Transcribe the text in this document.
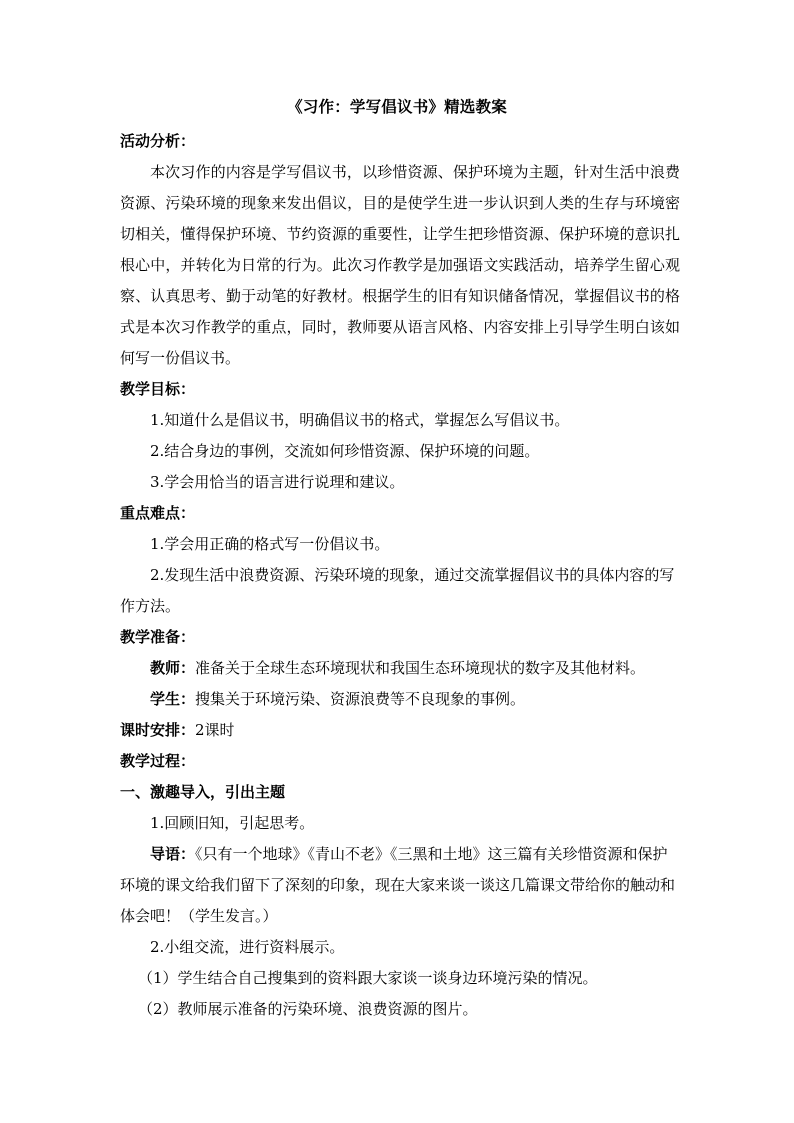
《习作：学写倡议书》精选教案

活动分析：

本次习作的内容是学写倡议书，以珍惜资源、保护环境为主题，针对生活中浪费资源、污染环境的现象来发出倡议，目的是使学生进一步认识到人类的生存与环境密切相关，懂得保护环境、节约资源的重要性，让学生把珍惜资源、保护环境的意识扎根心中，并转化为日常的行为。此次习作教学是加强语文实践活动，培养学生留心观察、认真思考、勤于动笔的好教材。根据学生的旧有知识储备情况，掌握倡议书的格式是本次习作教学的重点，同时，教师要从语言风格、内容安排上引导学生明白该如何写一份倡议书。

教学目标：

1.知道什么是倡议书，明确倡议书的格式，掌握怎么写倡议书。

2.结合身边的事例，交流如何珍惜资源、保护环境的问题。

3.学会用恰当的语言进行说理和建议。

重点难点：

1.学会用正确的格式写一份倡议书。

2.发现生活中浪费资源、污染环境的现象，通过交流掌握倡议书的具体内容的写作方法。

教学准备：

教师：准备关于全球生态环境现状和我国生态环境现状的数字及其他材料。

学生：搜集关于环境污染、资源浪费等不良现象的事例。

课时安排：2课时

教学过程：

一、激趣导入，引出主题

1.回顾旧知，引起思考。

导语：《只有一个地球》《青山不老》《三黑和土地》这三篇有关珍惜资源和保护环境的课文给我们留下了深刻的印象，现在大家来谈一谈这几篇课文带给你的触动和体会吧！（学生发言。）

2.小组交流，进行资料展示。

（1）学生结合自己搜集到的资料跟大家谈一谈身边环境污染的情况。

（2）教师展示准备的污染环境、浪费资源的图片。
